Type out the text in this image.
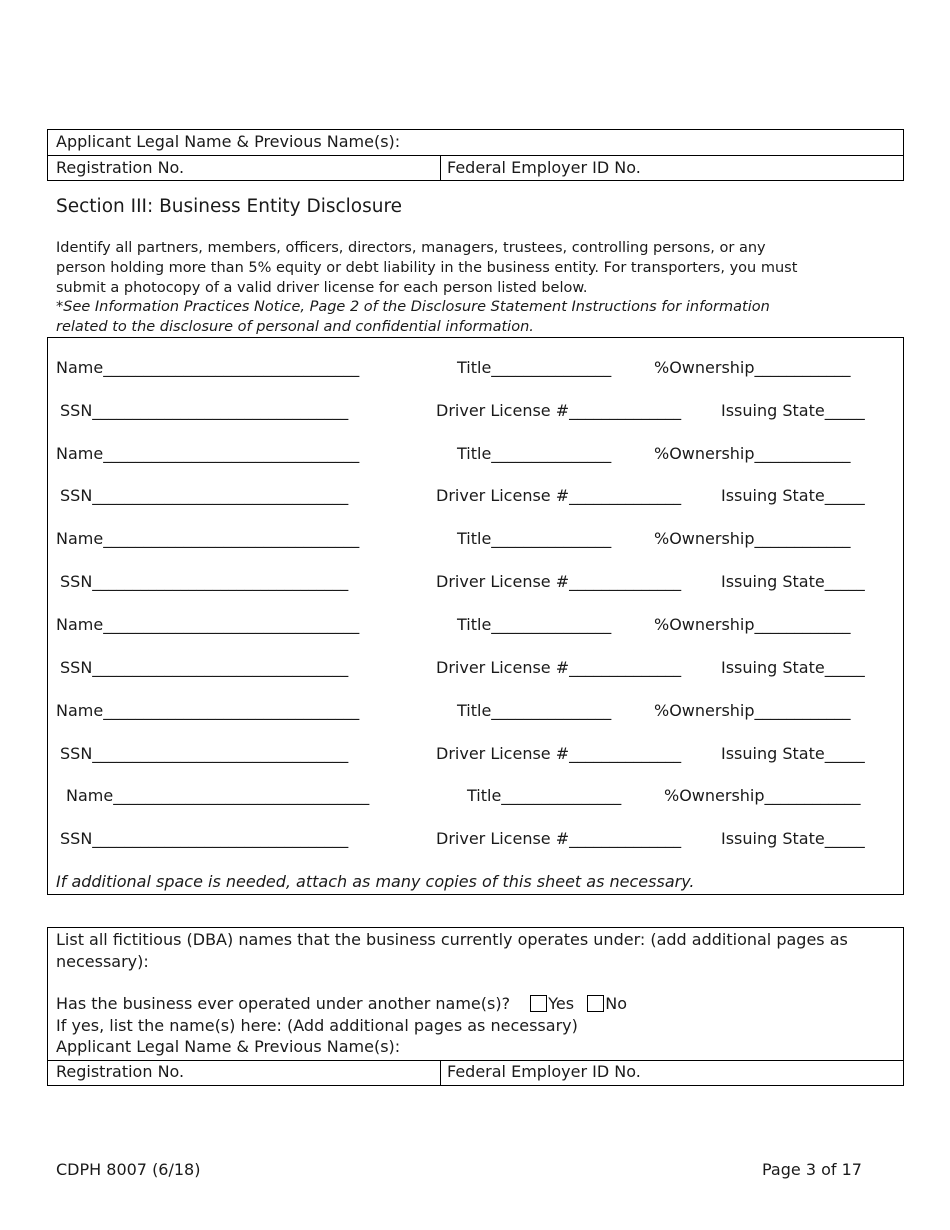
Applicant Legal Name & Previous Name(s):
Registration No.	Federal Employer ID No.
Section III: Business Entity Disclosure
Identify all partners, members, officers, directors, managers, trustees, controlling persons, or any
person holding more than 5% equity or debt liability in the business entity. For transporters, you must
submit a photocopy of a valid driver license for each person listed below.
*See Information Practices Notice, Page 2 of the Disclosure Statement Instructions for information
related to the disclosure of personal and confidential information.
Name________________________________	Title_______________	%Ownership____________
SSN________________________________	Driver License #______________ Issuing State_____
Name________________________________	Title_______________	%Ownership____________
SSN________________________________	Driver License #______________ Issuing State_____
Name________________________________	Title_______________	%Ownership____________
SSN________________________________	Driver License #______________ Issuing State_____
Name________________________________	Title_______________	%Ownership____________
SSN________________________________	Driver License #______________ Issuing State_____
Name________________________________	Title_______________	%Ownership____________
SSN________________________________	Driver License #______________ Issuing State_____
Name________________________________	Title_______________	%Ownership____________
SSN________________________________	Driver License #______________ Issuing State_____
If additional space is needed, attach as many copies of this sheet as necessary.
List all fictitious (DBA) names that the business currently operates under: (add additional pages as
necessary):
Has the business ever operated under another name(s)? Yes No
If yes, list the name(s) here: (Add additional pages as necessary)
Applicant Legal Name & Previous Name(s):
Registration No.	Federal Employer ID No.
CDPH 8007 (6/18)	Page 3 of 17
